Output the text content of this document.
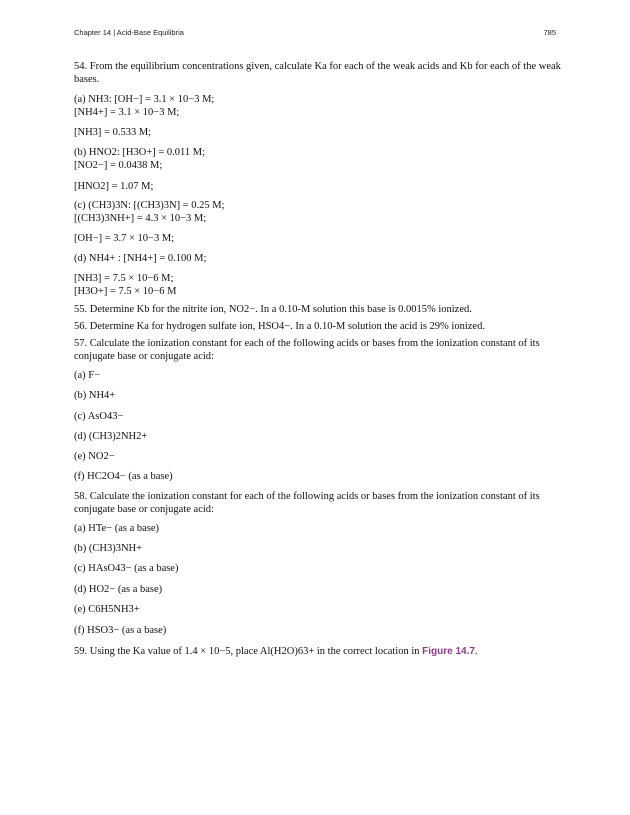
Chapter 14 | Acid-Base Equilibria	785
54. From the equilibrium concentrations given, calculate Ka for each of the weak acids and Kb for each of the weak
bases.
(a) NH3: [OH−] = 3.1 × 10−3 M;
[NH4+] = 3.1 × 10−3 M;
[NH3] = 0.533 M;
(b) HNO2: [H3O+] = 0.011 M;
[NO2−] = 0.0438 M;
[HNO2] = 1.07 M;
(c) (CH3)3N: [(CH3)3N] = 0.25 M;
[(CH3)3NH+] = 4.3 × 10−3 M;
[OH−] = 3.7 × 10−3 M;
(d) NH4+ : [NH4+] = 0.100 M;
[NH3] = 7.5 × 10−6 M;
[H3O+] = 7.5 × 10−6 M
55. Determine Kb for the nitrite ion, NO2−. In a 0.10-M solution this base is 0.0015% ionized.
56. Determine Ka for hydrogen sulfate ion, HSO4−. In a 0.10-M solution the acid is 29% ionized.
57. Calculate the ionization constant for each of the following acids or bases from the ionization constant of its
conjugate base or conjugate acid:
(a) F−
(b) NH4+
(c) AsO43−
(d) (CH3)2NH2+
(e) NO2−
(f) HC2O4− (as a base)
58. Calculate the ionization constant for each of the following acids or bases from the ionization constant of its
conjugate base or conjugate acid:
(a) HTe− (as a base)
(b) (CH3)3NH+
(c) HAsO43− (as a base)
(d) HO2− (as a base)
(e) C6H5NH3+
(f) HSO3− (as a base)
59. Using the Ka value of 1.4 × 10−5, place Al(H2O)63+ in the correct location in Figure 14.7.
